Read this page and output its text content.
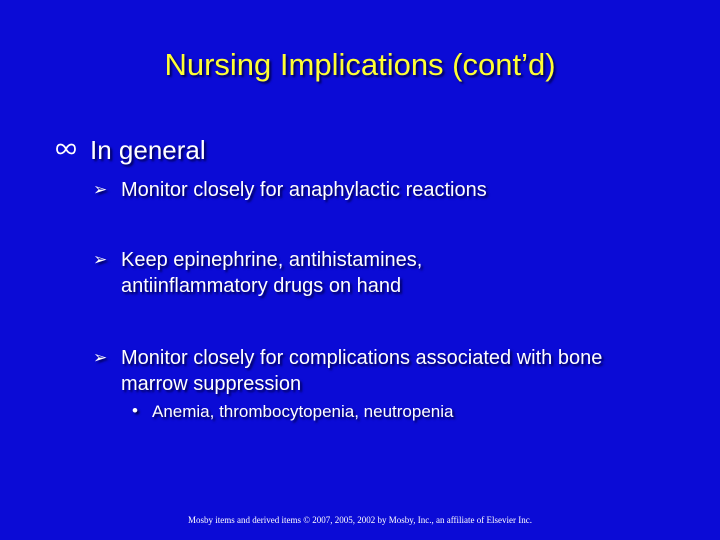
Nursing Implications (cont’d)
In general
➢ Monitor closely for anaphylactic reactions
➢ Keep epinephrine, antihistamines, antiinflammatory drugs on hand
➢ Monitor closely for complications associated with bone marrow suppression
• Anemia, thrombocytopenia, neutropenia
Mosby items and derived items © 2007, 2005, 2002 by Mosby, Inc., an affiliate of Elsevier Inc.
